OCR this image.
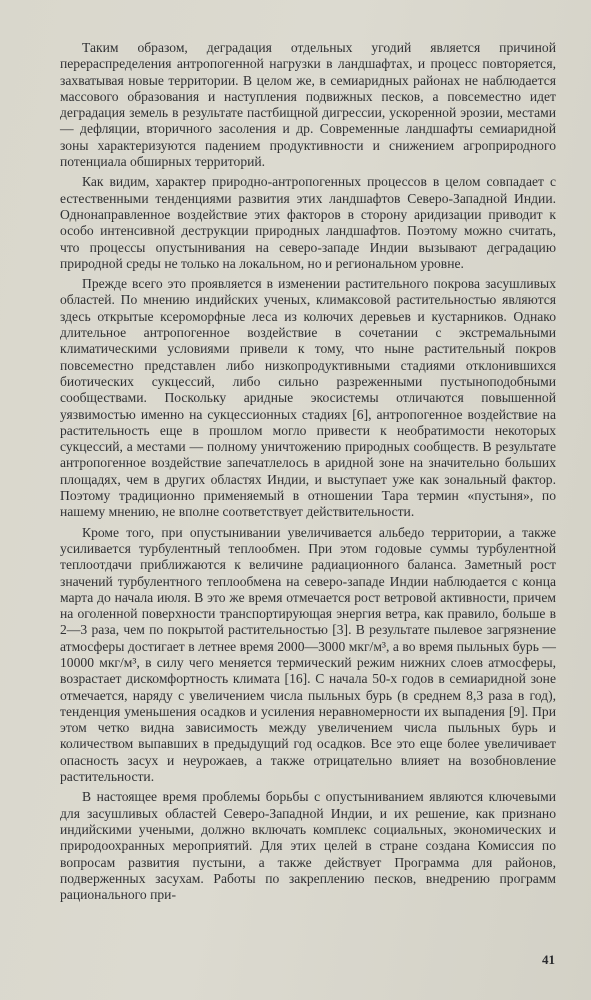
Таким образом, деградация отдельных угодий является причиной перераспределения антропогенной нагрузки в ландшафтах, и процесс повторяется, захватывая новые территории. В целом же, в семиаридных районах не наблюдается массового образования и наступления подвижных песков, а повсеместно идет деградация земель в результате пастбищной дигрессии, ускоренной эрозии, местами — дефляции, вторичного засоления и др. Современные ландшафты семиаридной зоны характеризуются падением продуктивности и снижением агроприродного потенциала обширных территорий.

Как видим, характер природно-антропогенных процессов в целом совпадает с естественными тенденциями развития этих ландшафтов Северо-Западной Индии. Однонаправленное воздействие этих факторов в сторону аридизации приводит к особо интенсивной деструкции природных ландшафтов. Поэтому можно считать, что процессы опустынивания на северо-западе Индии вызывают деградацию природной среды не только на локальном, но и региональном уровне.

Прежде всего это проявляется в изменении растительного покрова засушливых областей. По мнению индийских ученых, климаксовой растительностью являются здесь открытые ксероморфные леса из колючих деревьев и кустарников. Однако длительное антропогенное воздействие в сочетании с экстремальными климатическими условиями привели к тому, что ныне растительный покров повсеместно представлен либо низкопродуктивными стадиями отклонившихся биотических сукцессий, либо сильно разреженными пустыноподобными сообществами. Поскольку аридные экосистемы отличаются повышенной уязвимостью именно на сукцессионных стадиях [6], антропогенное воздействие на растительность еще в прошлом могло привести к необратимости некоторых сукцессий, а местами — полному уничтожению природных сообществ. В результате антропогенное воздействие запечатлелось в аридной зоне на значительно больших площадях, чем в других областях Индии, и выступает уже как зональный фактор. Поэтому традиционно применяемый в отношении Тара термин «пустыня», по нашему мнению, не вполне соответствует действительности.

Кроме того, при опустынивании увеличивается альбедо территории, а также усиливается турбулентный теплообмен. При этом годовые суммы турбулентной теплоотдачи приближаются к величине радиационного баланса. Заметный рост значений турбулентного теплообмена на северо-западе Индии наблюдается с конца марта до начала июля. В это же время отмечается рост ветровой активности, причем на оголенной поверхности транспортирующая энергия ветра, как правило, больше в 2—3 раза, чем по покрытой растительностью [3]. В результате пылевое загрязнение атмосферы достигает в летнее время 2000—3000 мкг/м³, а во время пыльных бурь — 10000 мкг/м³, в силу чего меняется термический режим нижних слоев атмосферы, возрастает дискомфортность климата [16]. С начала 50-х годов в семиаридной зоне отмечается, наряду с увеличением числа пыльных бурь (в среднем 8,3 раза в год), тенденция уменьшения осадков и усиления неравномерности их выпадения [9]. При этом четко видна зависимость между увеличением числа пыльных бурь и количеством выпавших в предыдущий год осадков. Все это еще более увеличивает опасность засух и неурожаев, а также отрицательно влияет на возобновление растительности.

В настоящее время проблемы борьбы с опустыниванием являются ключевыми для засушливых областей Северо-Западной Индии, и их решение, как признано индийскими учеными, должно включать комплекс социальных, экономических и природоохранных мероприятий. Для этих целей в стране создана Комиссия по вопросам развития пустыни, а также действует Программа для районов, подверженных засухам. Работы по закреплению песков, внедрению программ рационального при-

41
